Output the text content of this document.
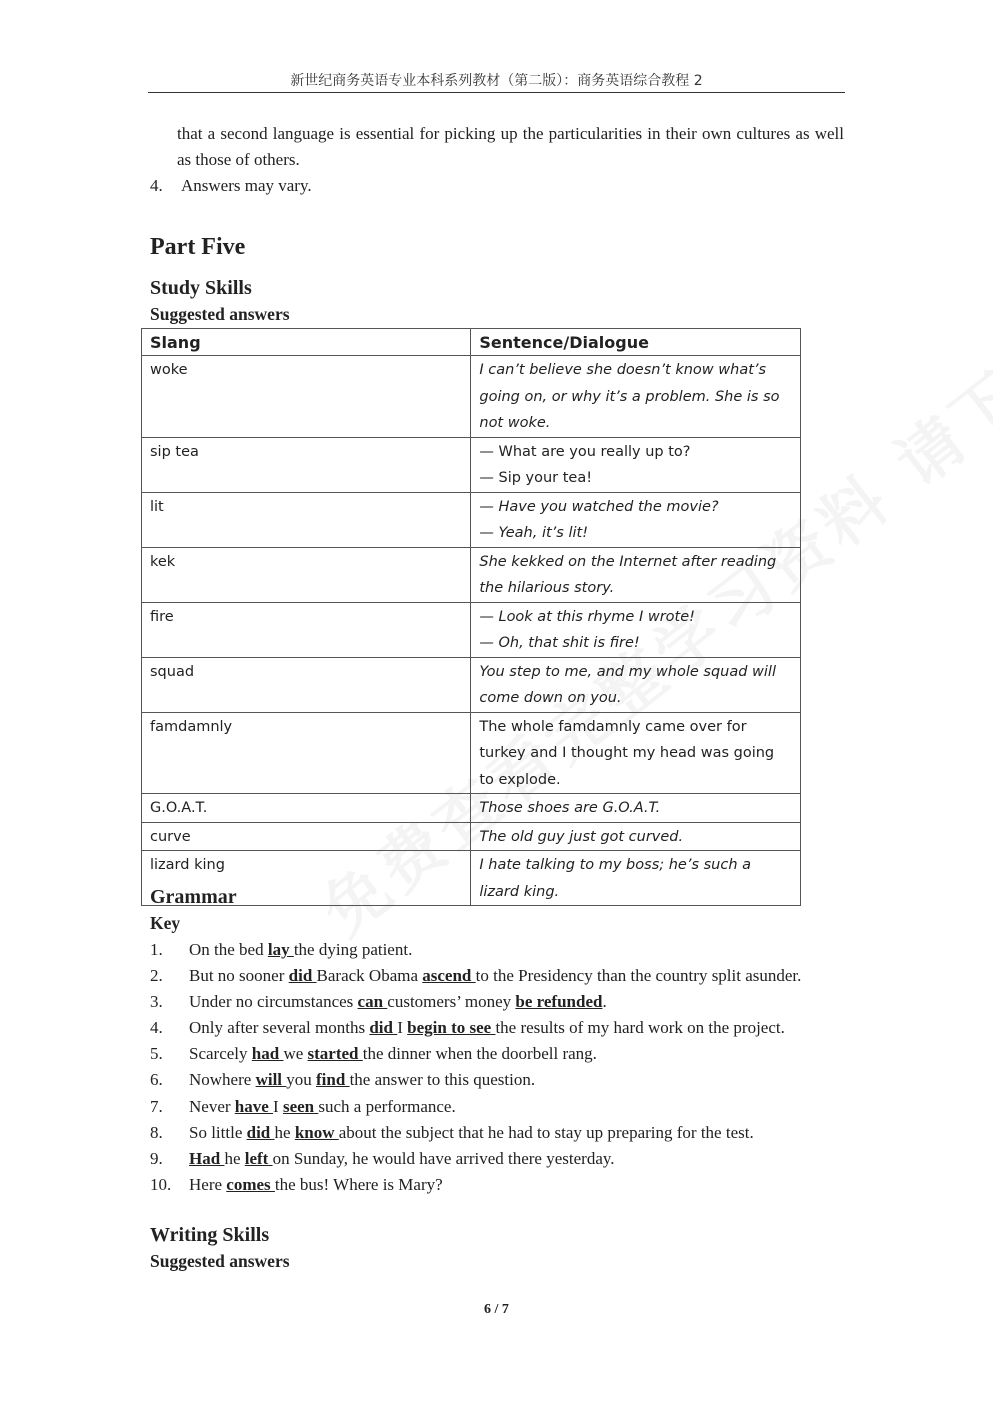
新世纪商务英语专业本科系列教材（第二版）：商务英语综合教程 2
that a second language is essential for picking up the particularities in their own cultures as well as those of others.
4. Answers may vary.
Part Five
Study Skills
Suggested answers
Slang	Sentence/Dialogue
woke	I can’t believe she doesn’t know what’s going on, or why it’s a problem. She is so not woke.
sip tea	— What are you really up to?
— Sip your tea!

lit	— Have you watched the movie?
— Yeah, it’s lit!

kek	She kekked on the Internet after reading the hilarious story.
fire	— Look at this rhyme I wrote!
— Oh, that shit is fire!

squad	You step to me, and my whole squad will come down on you.
famdamnly	The whole famdamnly came over for turkey and I thought my head was going to explode.
G.O.A.T.	Those shoes are G.O.A.T.
curve	The old guy just got curved.
lizard king	I hate talking to my boss; he’s such a lizard king.
Grammar
Key
1. On the bed lay the dying patient.
2. But no sooner did Barack Obama ascend to the Presidency than the country split asunder.
3. Under no circumstances can customers’ money be refunded.
4. Only after several months did I begin to see the results of my hard work on the project.
5. Scarcely had we started the dinner when the doorbell rang.
6. Nowhere will you find the answer to this question.
7. Never have I seen such a performance.
8. So little did he know about the subject that he had to stay up preparing for the test.
9. Had he left on Sunday, he would have arrived there yesterday.
10. Here comes the bus! Where is Mary?
Writing Skills
Suggested answers
6 / 7
